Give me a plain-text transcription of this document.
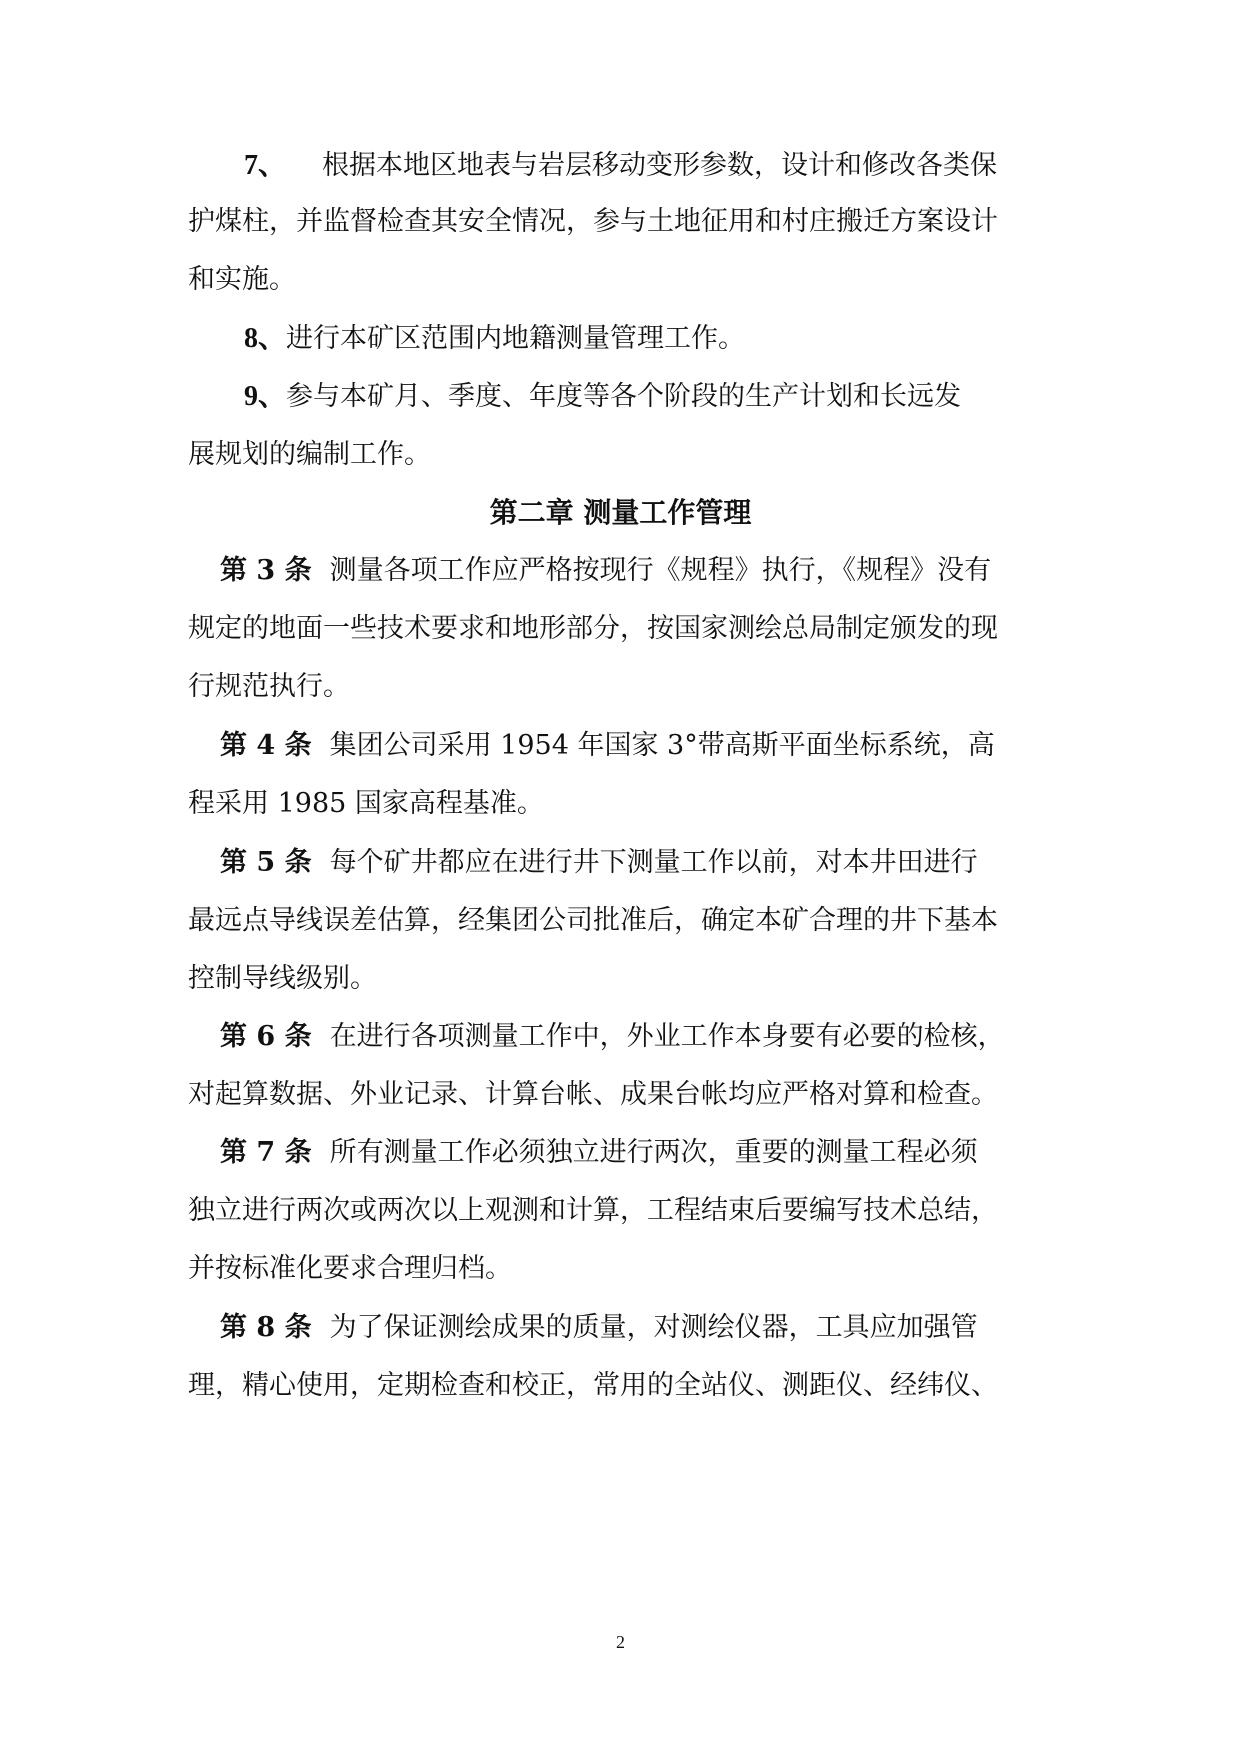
7、 根据本地区地表与岩层移动变形参数，设计和修改各类保
护煤柱，并监督检查其安全情况，参与土地征用和村庄搬迁方案设计
和实施。
8、进行本矿区范围内地籍测量管理工作。
9、参与本矿月、季度、年度等各个阶段的生产计划和长远发
展规划的编制工作。
第二章 测量工作管理
第 3 条 测量各项工作应严格按现行《规程》执行，《规程》没有
规定的地面一些技术要求和地形部分，按国家测绘总局制定颁发的现
行规范执行。
第 4 条 集团公司采用 1954 年国家 3°带高斯平面坐标系统，高
程采用 1985 国家高程基准。
第 5 条 每个矿井都应在进行井下测量工作以前，对本井田进行
最远点导线误差估算，经集团公司批准后，确定本矿合理的井下基本
控制导线级别。
第 6 条 在进行各项测量工作中，外业工作本身要有必要的检核，
对起算数据、外业记录、计算台帐、成果台帐均应严格对算和检查。
第 7 条 所有测量工作必须独立进行两次，重要的测量工程必须
独立进行两次或两次以上观测和计算，工程结束后要编写技术总结，
并按标准化要求合理归档。
第 8 条 为了保证测绘成果的质量，对测绘仪器，工具应加强管
理，精心使用，定期检查和校正，常用的全站仪、测距仪、经纬仪、
2
